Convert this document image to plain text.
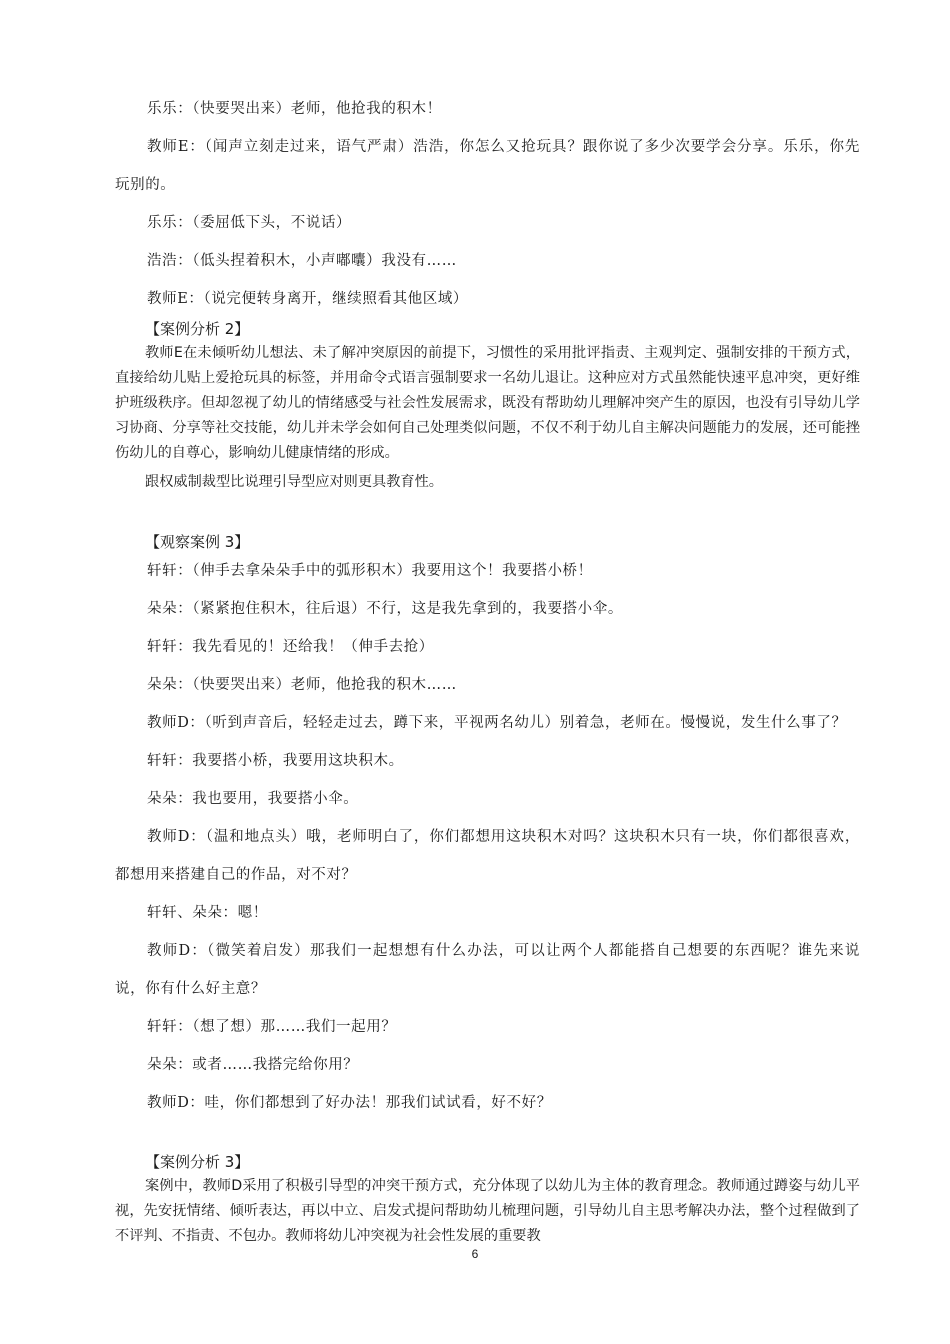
乐乐：（快要哭出来）老师，他抢我的积木！

教师E：（闻声立刻走过来，语气严肃）浩浩，你怎么又抢玩具？跟你说了多少次要学会分享。乐乐，你先玩别的。

乐乐：（委屈低下头，不说话）

浩浩：（低头捏着积木，小声嘟囔）我没有……

教师E：（说完便转身离开，继续照看其他区域）

【案例分析 2】

教师E在未倾听幼儿想法、未了解冲突原因的前提下，习惯性的采用批评指责、主观判定、强制安排的干预方式，直接给幼儿贴上爱抢玩具的标签，并用命令式语言强制要求一名幼儿退让。这种应对方式虽然能快速平息冲突，更好维护班级秩序。但却忽视了幼儿的情绪感受与社会性发展需求，既没有帮助幼儿理解冲突产生的原因，也没有引导幼儿学习协商、分享等社交技能，幼儿并未学会如何自己处理类似问题，不仅不利于幼儿自主解决问题能力的发展，还可能挫伤幼儿的自尊心，影响幼儿健康情绪的形成。

跟权威制裁型比说理引导型应对则更具教育性。

【观察案例 3】

轩轩：（伸手去拿朵朵手中的弧形积木）我要用这个！我要搭小桥！

朵朵：（紧紧抱住积木，往后退）不行，这是我先拿到的，我要搭小伞。

轩轩：我先看见的！还给我！（伸手去抢）

朵朵：（快要哭出来）老师，他抢我的积木……

教师D：（听到声音后，轻轻走过去，蹲下来，平视两名幼儿）别着急，老师在。慢慢说，发生什么事了？

轩轩：我要搭小桥，我要用这块积木。

朵朵：我也要用，我要搭小伞。

教师D：（温和地点头）哦，老师明白了，你们都想用这块积木对吗？这块积木只有一块，你们都很喜欢，都想用来搭建自己的作品，对不对？

轩轩、朵朵：嗯！

教师D：（微笑着启发）那我们一起想想有什么办法，可以让两个人都能搭自己想要的东西呢？谁先来说说，你有什么好主意？

轩轩：（想了想）那……我们一起用？

朵朵：或者……我搭完给你用？

教师D：哇，你们都想到了好办法！那我们试试看，好不好？

【案例分析 3】

案例中，教师D采用了积极引导型的冲突干预方式，充分体现了以幼儿为主体的教育理念。教师通过蹲姿与幼儿平视，先安抚情绪、倾听表达，再以中立、启发式提问帮助幼儿梳理问题，引导幼儿自主思考解决办法，整个过程做到了不评判、不指责、不包办。教师将幼儿冲突视为社会性发展的重要教

6
